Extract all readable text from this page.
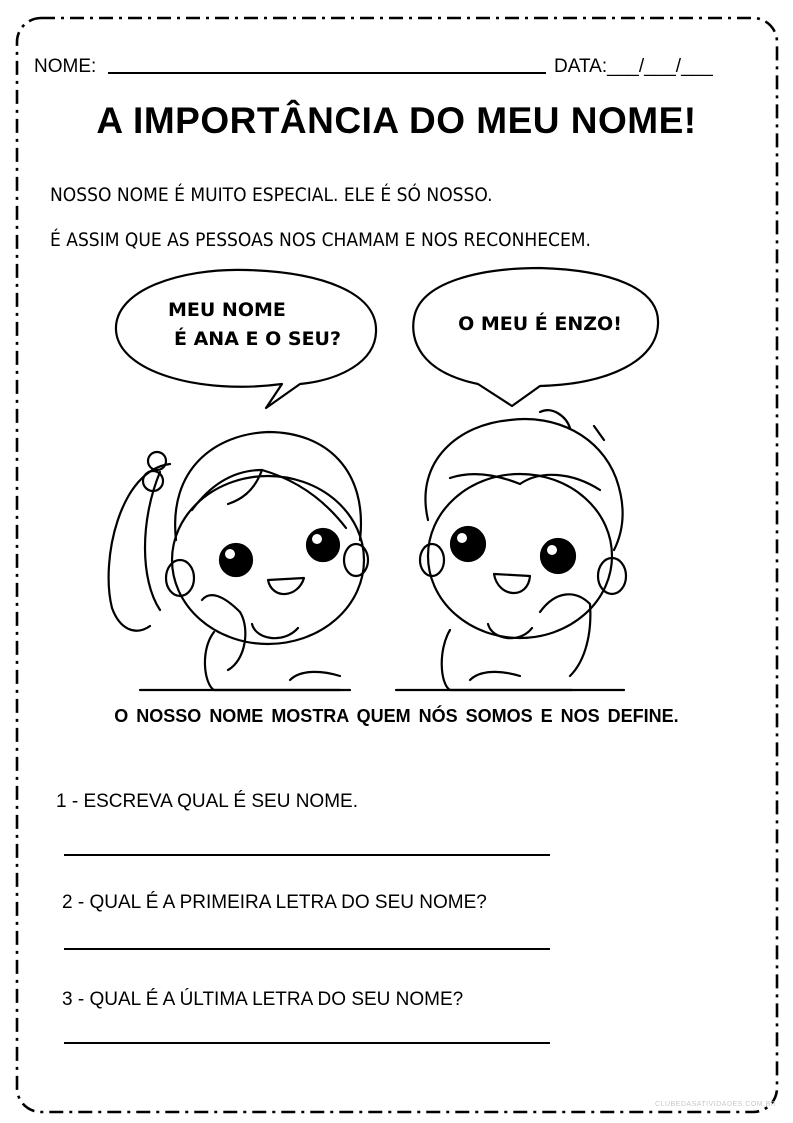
NOME:	DATA:___/___/___
A IMPORTÂNCIA DO MEU NOME!
NOSSO NOME É MUITO ESPECIAL. ELE É SÓ NOSSO.
É ASSIM QUE AS PESSOAS NOS CHAMAM E NOS RECONHECEM.
MEU NOME
É ANA E O SEU?
O MEU É ENZO!
O NOSSO NOME MOSTRA QUEM NÓS SOMOS E NOS DEFINE.
1 - ESCREVA QUAL É SEU NOME.
2 - QUAL É A PRIMEIRA LETRA DO SEU NOME?
3 - QUAL É A ÚLTIMA LETRA DO SEU NOME?
CLUBEDASATIVIDADES.COM.BR
